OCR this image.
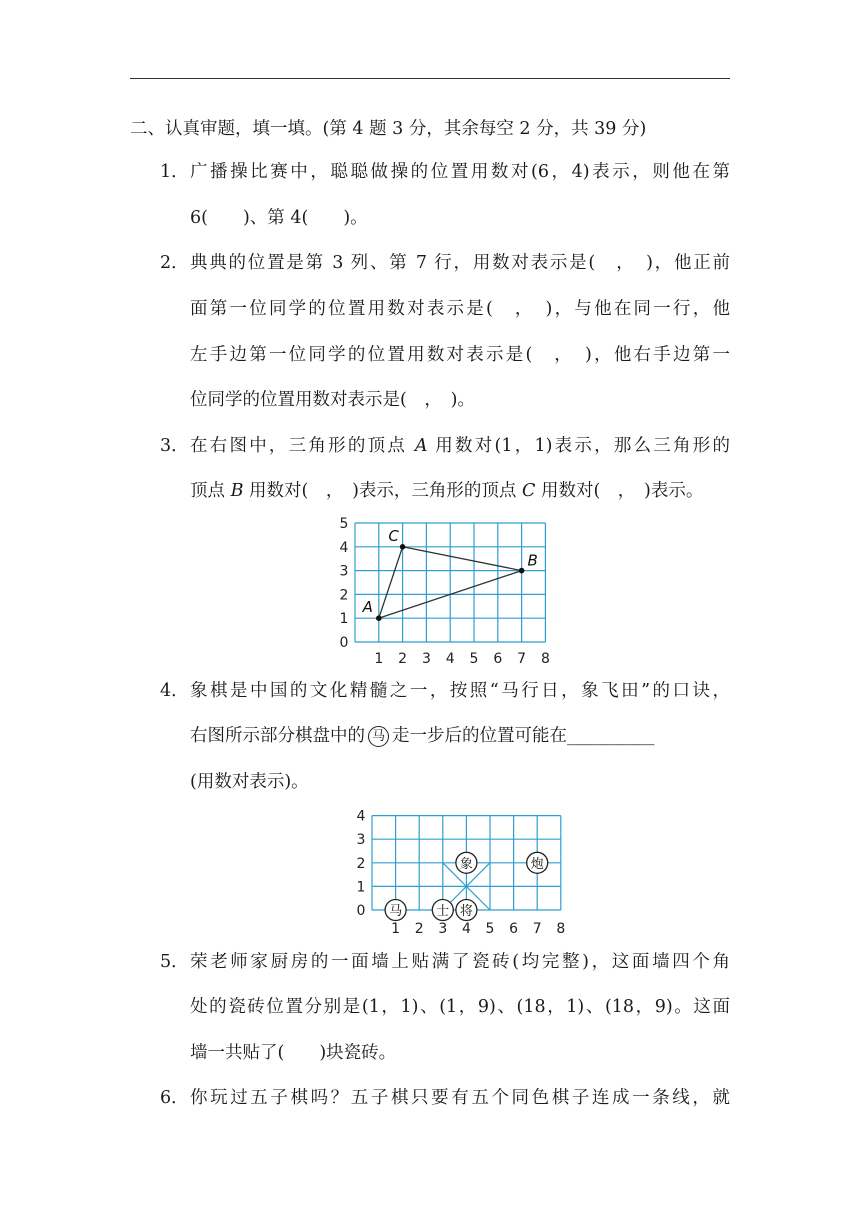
二、认真审题，填一填。(第 4 题 3 分，其余每空 2 分，共 39 分)
1． 广播操比赛中，聪聪做操的位置用数对(6，4)表示，则他在第
6(　　)、第 4(　　)。
2． 典典的位置是第 3 列、第 7 行，用数对表示是(　，　)，他正前
面第一位同学的位置用数对表示是(　，　)，与他在同一行，他
左手边第一位同学的位置用数对表示是(　，　)，他右手边第一
位同学的位置用数对表示是(　，　)。
3． 在右图中，三角形的顶点 A 用数对(1，1)表示，那么三角形的
顶点 B 用数对(　，　)表示，三角形的顶点 C 用数对(　，　)表示。
0
1
2
3
4
5
1 2 3 4 5 6 7 8
A
B
C
4． 象棋是中国的文化精髓之一，按照“马行日，象飞田”的口诀，
右图所示部分棋盘中的 马 走一步后的位置可能在__________
(用数对表示)。
0
1
2
3
4
1 2 3 4 5 6 7 8
马	士 将
象	炮
5． 荣老师家厨房的一面墙上贴满了瓷砖(均完整)，这面墙四个角
处的瓷砖位置分别是(1，1)、(1，9)、(18，1)、(18，9)。这面
墙一共贴了(　　)块瓷砖。
6． 你玩过五子棋吗？五子棋只要有五个同色棋子连成一条线，就
